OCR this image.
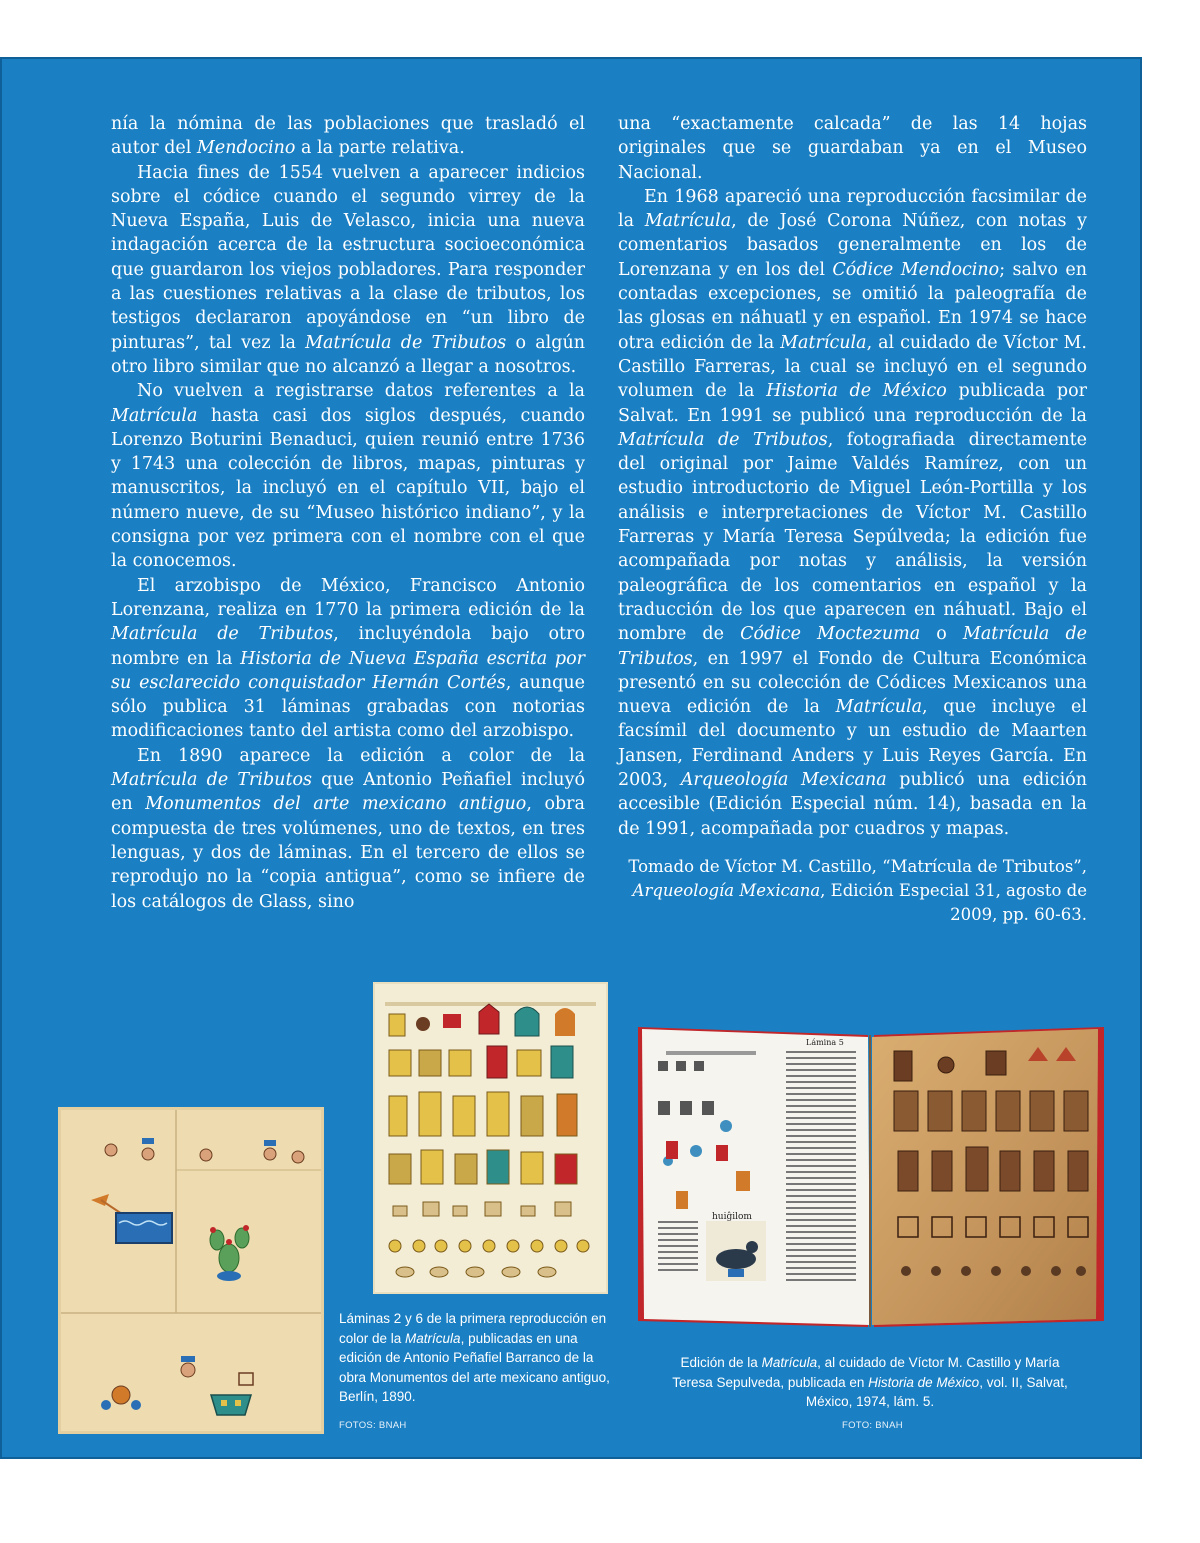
nía la nómina de las poblaciones que trasladó el autor del Mendocino a la parte relativa.

Hacia fines de 1554 vuelven a aparecer indicios sobre el códice cuando el segundo virrey de la Nueva España, Luis de Velasco, inicia una nueva indagación acerca de la estructura socioeconómica que guardaron los viejos pobladores. Para responder a las cuestiones relativas a la clase de tributos, los testigos declararon apoyándose en “un libro de pinturas”, tal vez la Matrícula de Tributos o algún otro libro similar que no alcanzó a llegar a nosotros.

No vuelven a registrarse datos referentes a la Matrícula hasta casi dos siglos después, cuando Lorenzo Boturini Benaduci, quien reunió entre 1736 y 1743 una colección de libros, mapas, pinturas y manuscritos, la incluyó en el capítulo VII, bajo el número nueve, de su “Museo histórico indiano”, y la consigna por vez primera con el nombre con el que la conocemos.

El arzobispo de México, Francisco Antonio Lorenzana, realiza en 1770 la primera edición de la Matrícula de Tributos, incluyéndola bajo otro nombre en la Historia de Nueva España escrita por su esclarecido conquistador Hernán Cortés, aunque sólo publica 31 láminas grabadas con notorias modificaciones tanto del artista como del arzobispo.

En 1890 aparece la edición a color de la Matrícula de Tributos que Antonio Peñafiel incluyó en Monumentos del arte mexicano antiguo, obra compuesta de tres volúmenes, uno de textos, en tres lenguas, y dos de láminas. En el tercero de ellos se reprodujo no la “copia antigua”, como se infiere de los catálogos de Glass, sino

una “exactamente calcada” de las 14 hojas originales que se guardaban ya en el Museo Nacional.

En 1968 apareció una reproducción facsimilar de la Matrícula, de José Corona Núñez, con notas y comentarios basados generalmente en los de Lorenzana y en los del Códice Mendocino; salvo en contadas excepciones, se omitió la paleografía de las glosas en náhuatl y en español. En 1974 se hace otra edición de la Matrícula, al cuidado de Víctor M. Castillo Farreras, la cual se incluyó en el segundo volumen de la Historia de México publicada por Salvat. En 1991 se publicó una reproducción de la Matrícula de Tributos, fotografiada directamente del original por Jaime Valdés Ramírez, con un estudio introductorio de Miguel León-Portilla y los análisis e interpretaciones de Víctor M. Castillo Farreras y María Teresa Sepúlveda; la edición fue acompañada por notas y análisis, la versión paleográfica de los comentarios en español y la traducción de los que aparecen en náhuatl. Bajo el nombre de Códice Moctezuma o Matrícula de Tributos, en 1997 el Fondo de Cultura Económica presentó en su colección de Códices Mexicanos una nueva edición de la Matrícula, que incluye el facsímil del documento y un estudio de Maarten Jansen, Ferdinand Anders y Luis Reyes García. En 2003, Arqueología Mexicana publicó una edición accesible (Edición Especial núm. 14), basada en la de 1991, acompañada por cuadros y mapas.

Tomado de Víctor M. Castillo, “Matrícula de Tributos”, Arqueología Mexicana, Edición Especial 31, agosto de 2009, pp. 60-63.

huiĝilom
Lámina 5
Láminas 2 y 6 de la primera reproducción en color de la Matrícula, publicadas en una edición de Antonio Peñafiel Barranco de la obra Monumentos del arte mexicano antiguo, Berlín, 1890.
FOTOS: BNAH
Edición de la Matrícula, al cuidado de Víctor M. Castillo y María Teresa Sepulveda, publicada en Historia de México, vol. II, Salvat, México, 1974, lám. 5.
FOTO: BNAH
